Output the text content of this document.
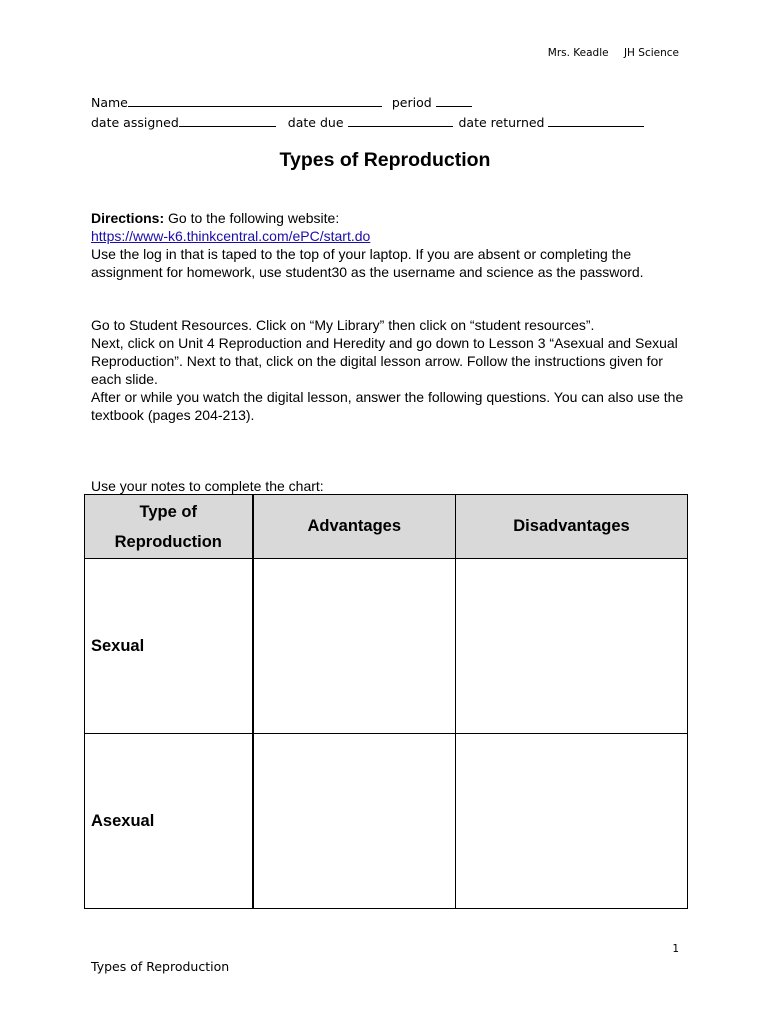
Mrs. Keadle JH Science
Name	period
date assigned	date due	date returned
Types of Reproduction
Directions: Go to the following website:
https://www-k6.thinkcentral.com/ePC/start.do
Use the log in that is taped to the top of your laptop. If you are absent or completing the assignment for homework, use student30 as the username and science as the password.
Go to Student Resources. Click on “My Library” then click on “student resources”.
Next, click on Unit 4 Reproduction and Heredity and go down to Lesson 3 “Asexual and Sexual Reproduction”. Next to that, click on the digital lesson arrow. Follow the instructions given for each slide.
After or while you watch the digital lesson, answer the following questions. You can also use the textbook (pages 204-213).
Use your notes to complete the chart:
Type of Reproduction	Advantages	Disadvantages
Sexual		
Asexual		
1
Types of Reproduction
